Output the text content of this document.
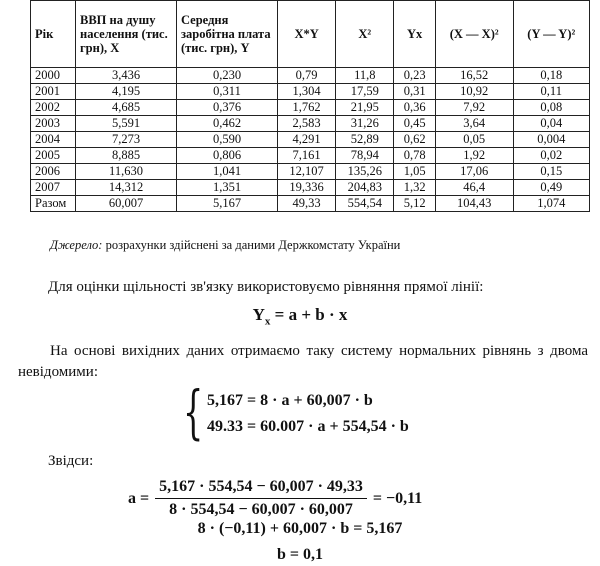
Рік	ВВП на душу населення (тис. грн), X	Середня заробітна плата (тис. грн), Y	X*Y	X²	Yx	(X — X)²	(Y — Y)²
2000	3,436	0,230	0,79	11,8	0,23	16,52	0,18
2001	4,195	0,311	1,304	17,59	0,31	10,92	0,11
2002	4,685	0,376	1,762	21,95	0,36	7,92	0,08
2003	5,591	0,462	2,583	31,26	0,45	3,64	0,04
2004	7,273	0,590	4,291	52,89	0,62	0,05	0,004
2005	8,885	0,806	7,161	78,94	0,78	1,92	0,02
2006	11,630	1,041	12,107	135,26	1,05	17,06	0,15
2007	14,312	1,351	19,336	204,83	1,32	46,4	0,49
Разом	60,007	5,167	49,33	554,54	5,12	104,43	1,074
Джерело: розрахунки здійснені за даними Держкомстату України
Для оцінки щільності зв'язку використовуємо рівняння прямої лінії:
$Y_x = a + b \cdot x$
На основі вихідних даних отримаємо таку систему нормальних рівнянь з двома невідомими:
{ 5,167 = 8 · a + 60,007 · b
49.33 = 60.007 · a + 554,54 · b
Звідси:
$a = \frac{5,167 \cdot 554,54 - 60,007 \cdot 49,33}{8 \cdot 554,54 - 60,007 \cdot 60,007} = -0,11$
8 · (−0,11) + 60,007 · b = 5,167
b = 0,1
